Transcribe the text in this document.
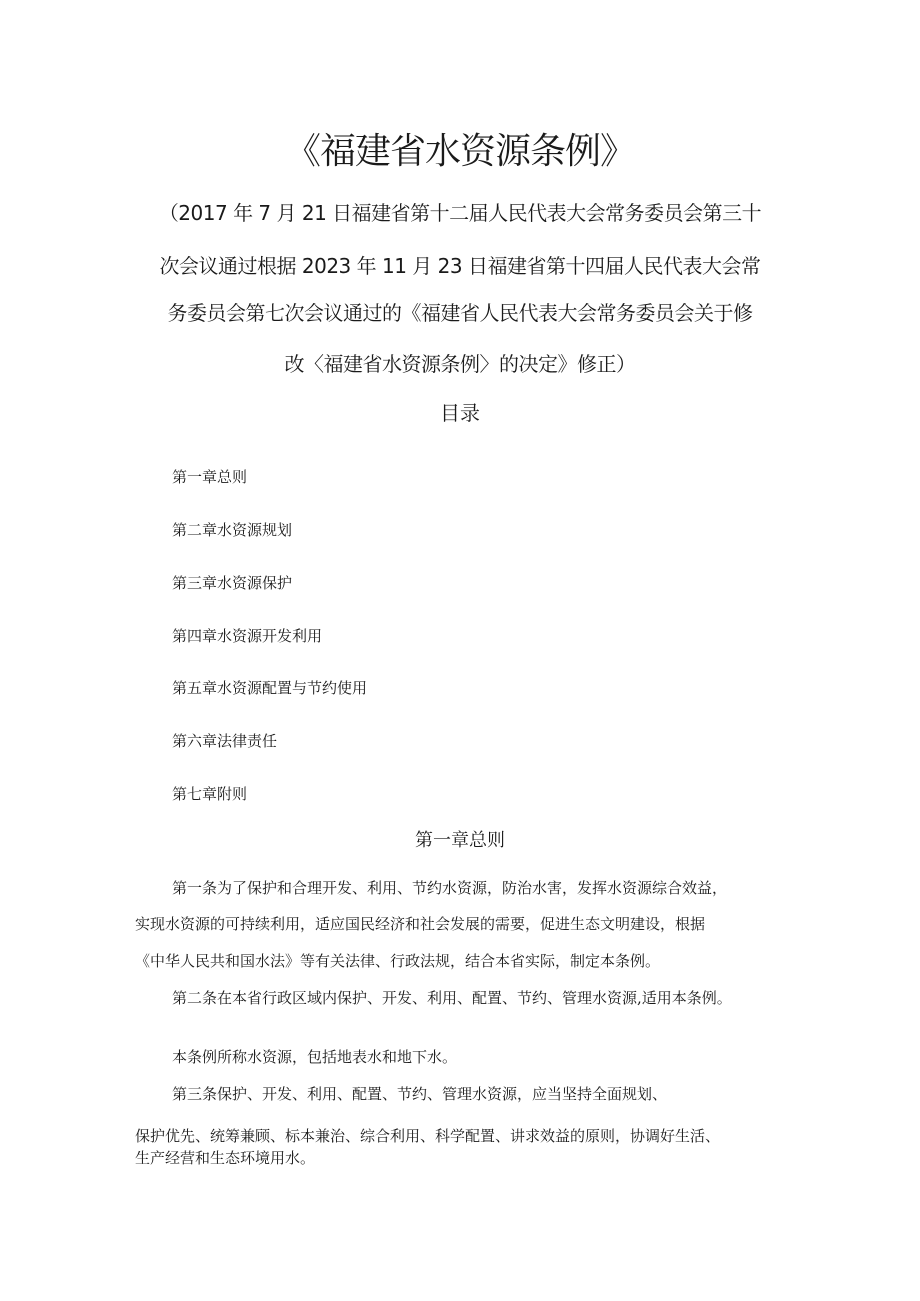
《福建省水资源条例》
（2017 年 7 月 21 日福建省第十二届人民代表大会常务委员会第三十
次会议通过根据 2023 年 11 月 23 日福建省第十四届人民代表大会常
务委员会第七次会议通过的《福建省人民代表大会常务委员会关于修
改〈福建省水资源条例〉的决定》修正）
目录
第一章总则
第二章水资源规划
第三章水资源保护
第四章水资源开发利用
第五章水资源配置与节约使用
第六章法律责任
第七章附则
第一章总则
第一条为了保护和合理开发、利用、节约水资源，防治水害，发挥水资源综合效益，
实现水资源的可持续利用，适应国民经济和社会发展的需要，促进生态文明建设，根据
《中华人民共和国水法》等有关法律、行政法规，结合本省实际，制定本条例。
第二条在本省行政区域内保护、开发、利用、配置、节约、管理水资源,适用本条例。
本条例所称水资源，包括地表水和地下水。
第三条保护、开发、利用、配置、节约、管理水资源，应当坚持全面规划、
保护优先、统筹兼顾、标本兼治、综合利用、科学配置、讲求效益的原则，协调好生活、
生产经营和生态环境用水。
